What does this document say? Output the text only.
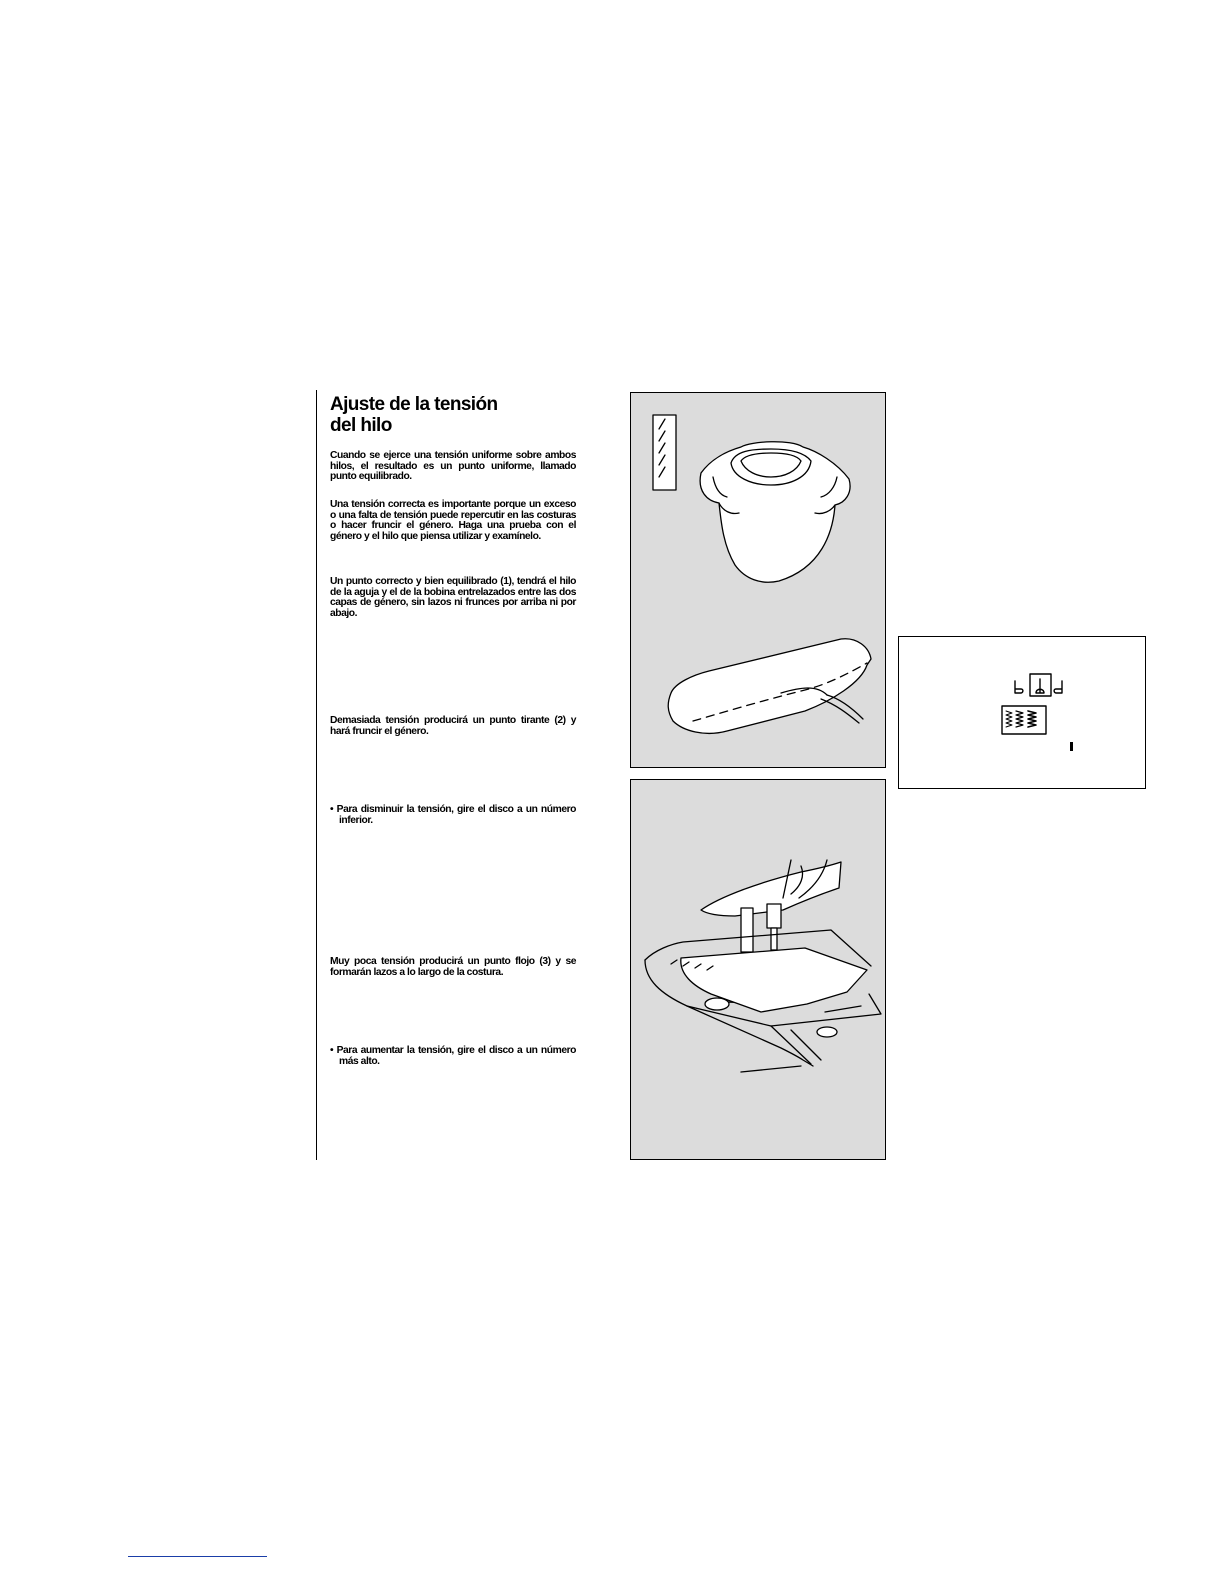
Ajuste de la tensión
del hilo

Cuando se ejerce una tensión uniforme sobre ambos hilos, el resultado es un punto uniforme, llamado punto equilibrado.

Una tensión correcta es importante porque un exceso o una falta de tensión puede repercutir en las costuras o hacer fruncir el género. Haga una prueba con el género y el hilo que piensa utilizar y examínelo.

Un punto correcto y bien equilibrado (1), tendrá el hilo de la aguja y el de la bobina entrelazados entre las dos capas de género, sin lazos ni frunces por arriba ni por abajo.

Demasiada tensión producirá un punto tirante (2) y hará fruncir el género.

• Para disminuir la tensión, gire el disco a un número inferior.

Muy poca tensión producirá un punto flojo (3) y se formarán lazos a lo largo de la costura.

• Para aumentar la tensión, gire el disco a un número más alto.
